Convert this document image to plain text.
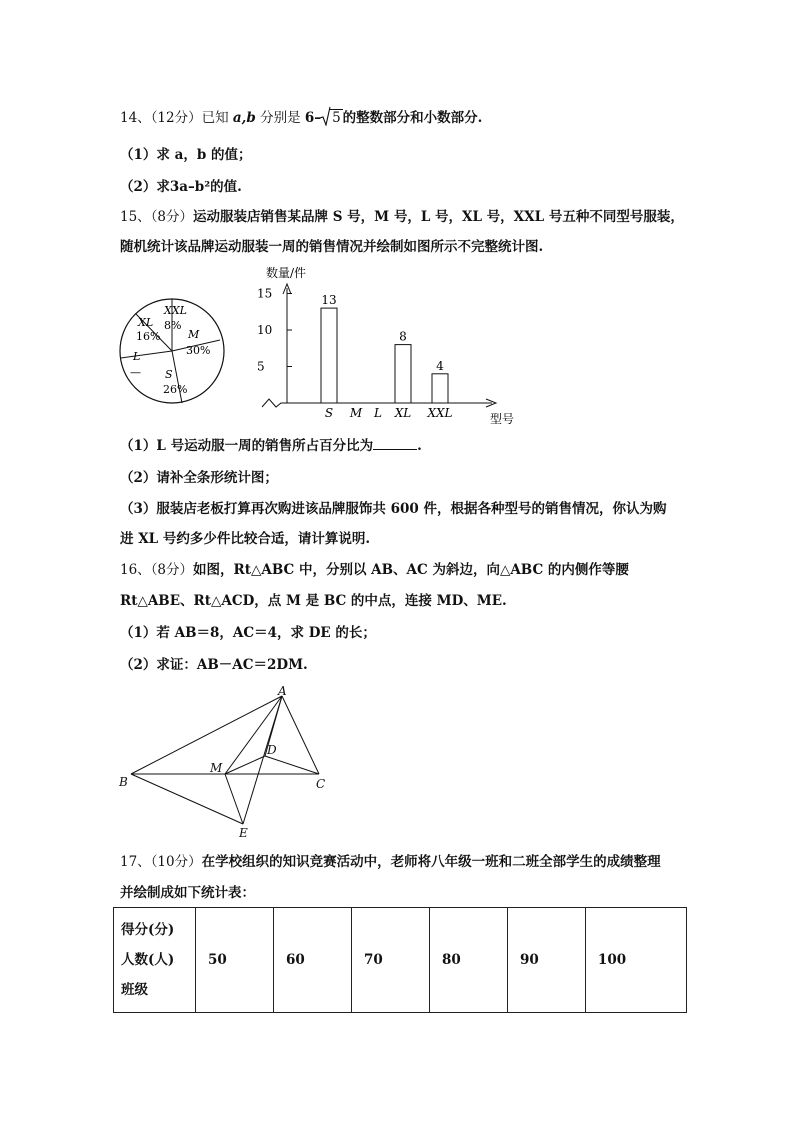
14、（12分）已知 a,b 分别是 6– 5 的整数部分和小数部分.
（1）求 a，b 的值；
（2）求3a–b²的值.
15、（8分）运动服装店销售某品牌 S 号，M 号，L 号，XL 号，XXL 号五种不同型号服装，
随机统计该品牌运动服装一周的销售情况并绘制如图所示不完整统计图.
XXL
8%
XL
16%	M
30%
L
— S
26%
数量/件
型号
5
10
15
S
13
M L XL
8
XXL
4
（1）L 号运动服一周的销售所占百分比为	.
（2）请补全条形统计图；
（3）服装店老板打算再次购进该品牌服饰共 600 件，根据各种型号的销售情况，你认为购
进 XL 号约多少件比较合适，请计算说明.
16、（8分）如图，Rt△ABC 中，分别以 AB、AC 为斜边，向△ABC 的内侧作等腰
Rt△ABE、Rt△ACD，点 M 是 BC 的中点，连接 MD、ME.
（1）若 AB＝8，AC＝4，求 DE 的长；
（2）求证：AB－AC＝2DM.
A
B	C
D
E
M
17、（10分）在学校组织的知识竞赛活动中，老师将八年级一班和二班全部学生的成绩整理
并绘制成如下统计表：
得分(分)
人数(人)
班级
	50	60	70	80	90	100
